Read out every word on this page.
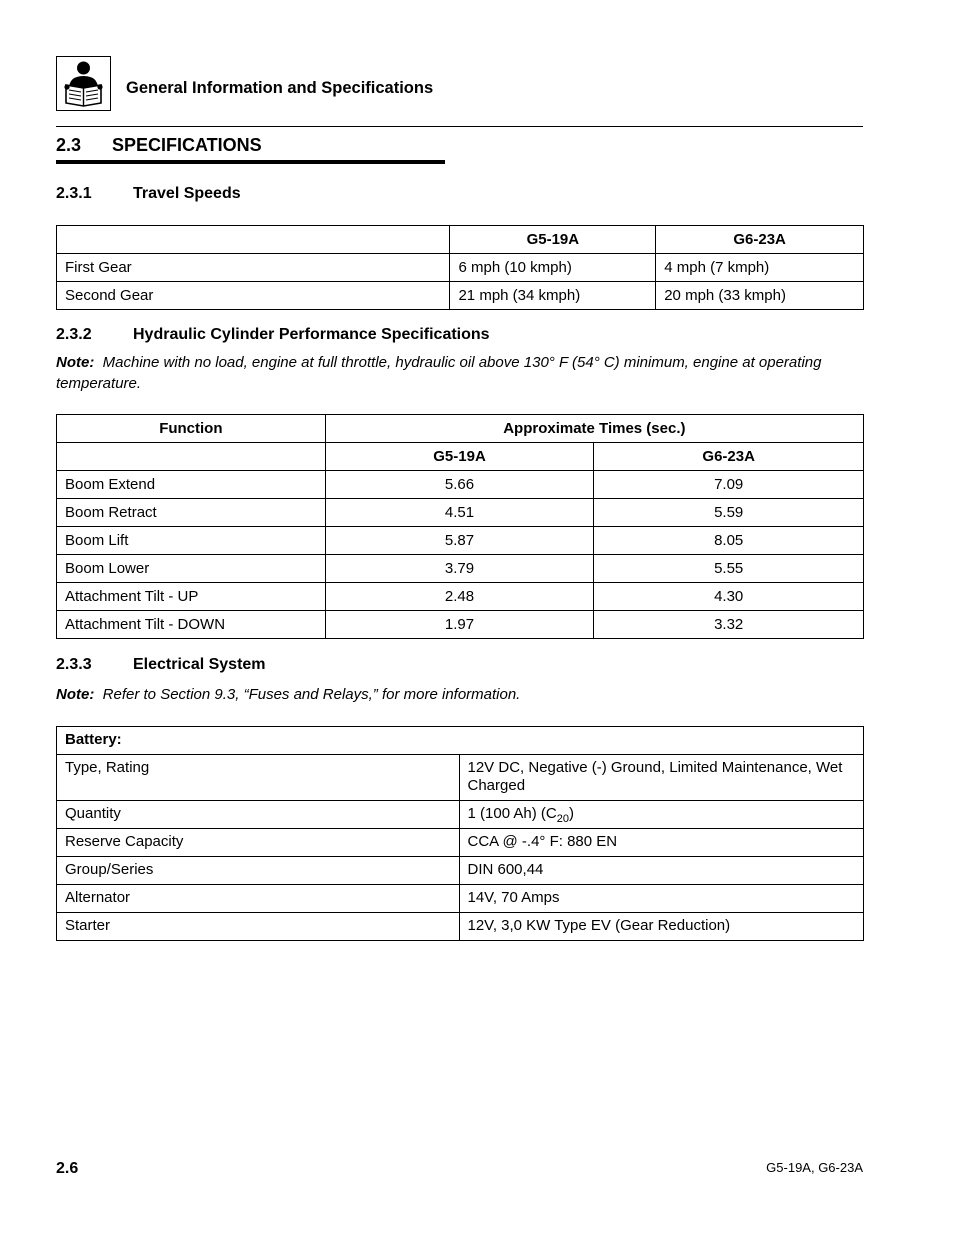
General Information and Specifications
2.3 SPECIFICATIONS
2.3.1	Travel Speeds
	G5-19A	G6-23A
First Gear	6 mph (10 kmph)	4 mph (7 kmph)
Second Gear	21 mph (34 kmph)	20 mph (33 kmph)
2.3.2	Hydraulic Cylinder Performance Specifications
Note: Machine with no load, engine at full throttle, hydraulic oil above 130° F (54° C) minimum, engine at operating temperature.
Function	Approximate Times (sec.)	
	G5-19A	G6-23A
Boom Extend	5.66	7.09
Boom Retract	4.51	5.59
Boom Lift	5.87	8.05
Boom Lower	3.79	5.55
Attachment Tilt - UP	2.48	4.30
Attachment Tilt - DOWN	1.97	3.32
2.3.3	Electrical System
Note: Refer to Section 9.3, “Fuses and Relays,” for more information.
Battery:	
Type, Rating	12V DC, Negative (-) Ground, Limited Maintenance, Wet Charged
Quantity	1 (100 Ah) $(C_{20})$
Reserve Capacity	CCA @ -.4° F: 880 EN
Group/Series	DIN 600,44
Alternator	14V, 70 Amps
Starter	12V, 3,0 KW Type EV (Gear Reduction)
2.6	G5-19A, G6-23A
